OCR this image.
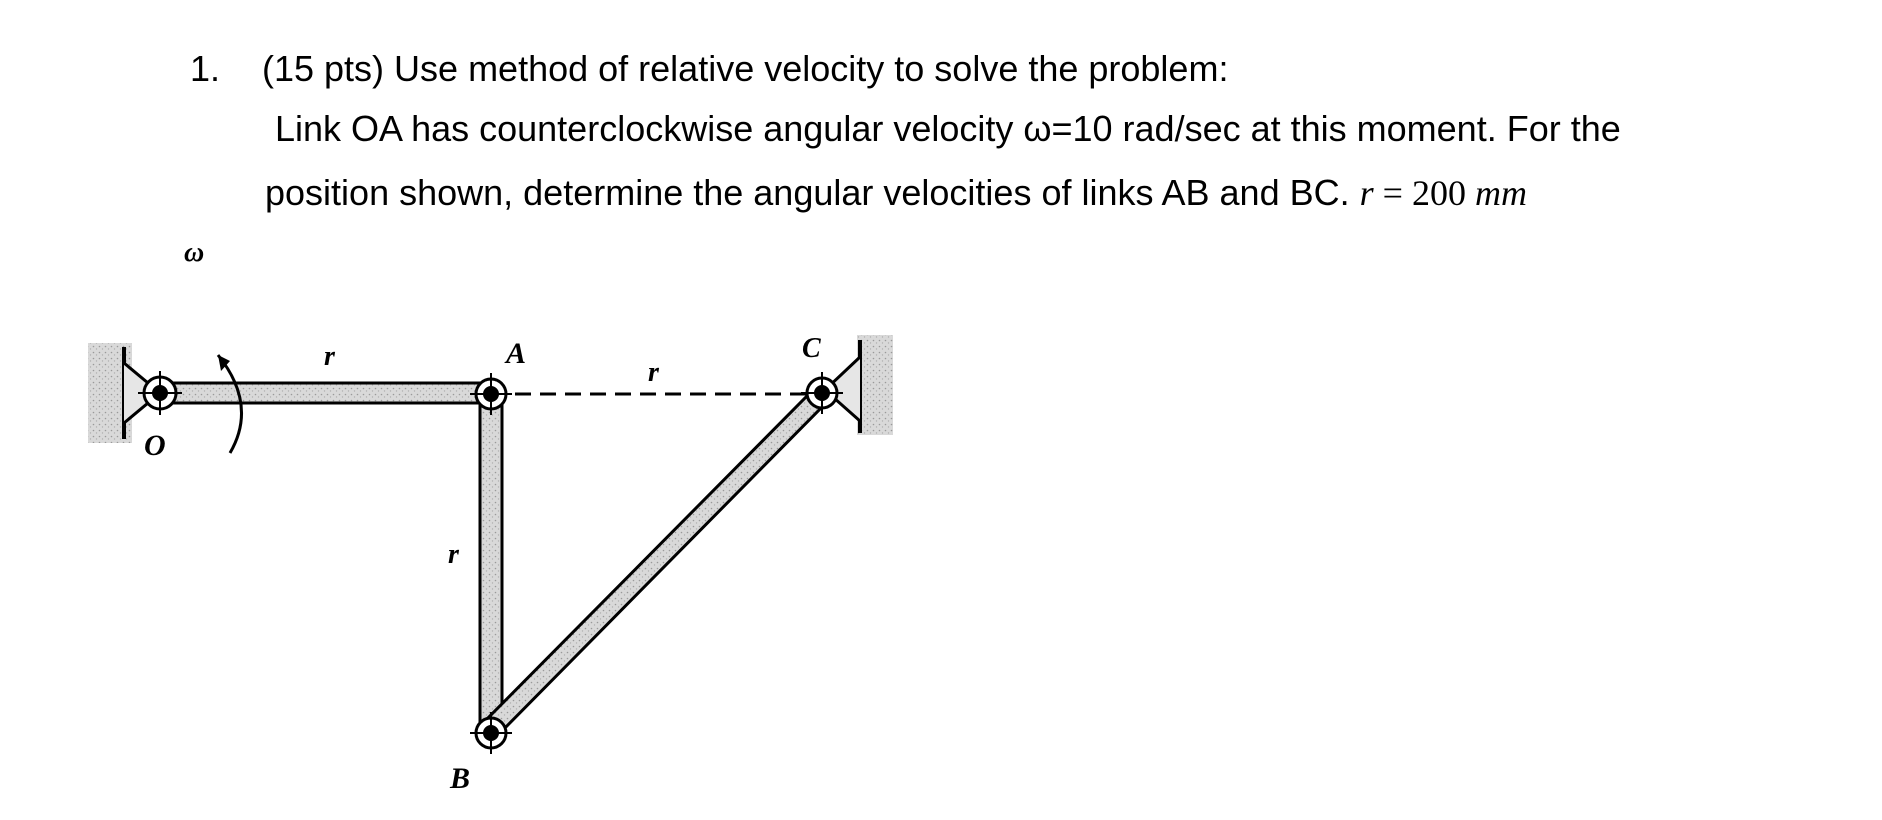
1. (15 pts) Use method of relative velocity to solve the problem:
Link OA has counterclockwise angular velocity ω=10 rad/sec at this moment. For the
position shown, determine the angular velocities of links AB and BC. r = 200 mm
ω
O
A
B
C
r
r
r
